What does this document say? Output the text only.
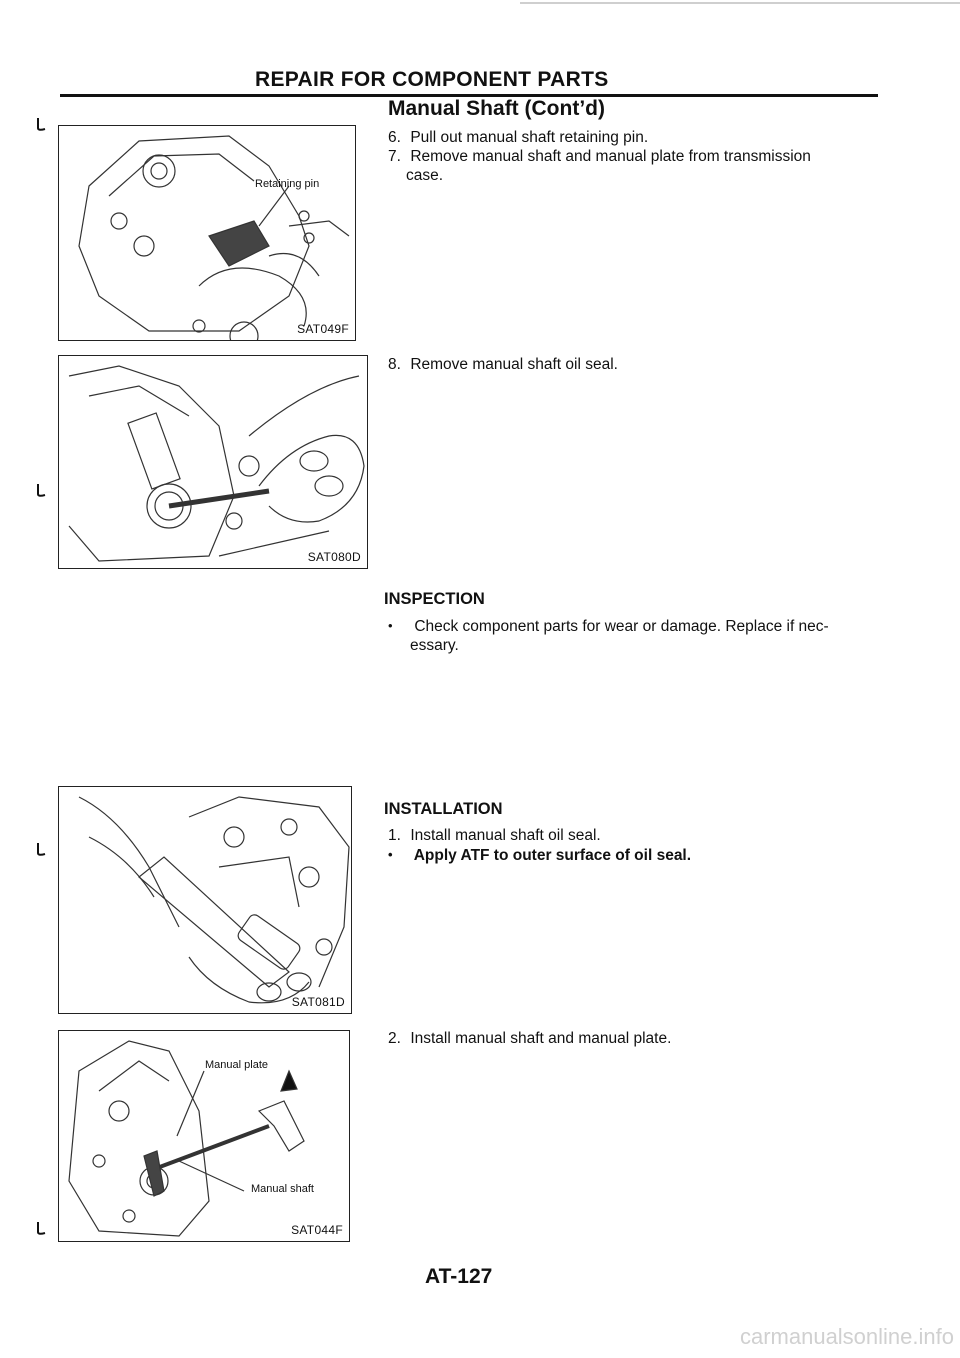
REPAIR FOR COMPONENT PARTS
Manual Shaft (Cont’d)
Retaining pin
SAT049F
SAT080D
SAT081D
Manual plate
Manual shaft
SAT044F
6. Pull out manual shaft retaining pin.
7. Remove manual shaft and manual plate from transmission
case.
8. Remove manual shaft oil seal.
INSPECTION
• Check component parts for wear or damage. Replace if nec-
essary.
INSTALLATION
1. Install manual shaft oil seal.
• Apply ATF to outer surface of oil seal.
2. Install manual shaft and manual plate.
AT-127
carmanualsonline.info
